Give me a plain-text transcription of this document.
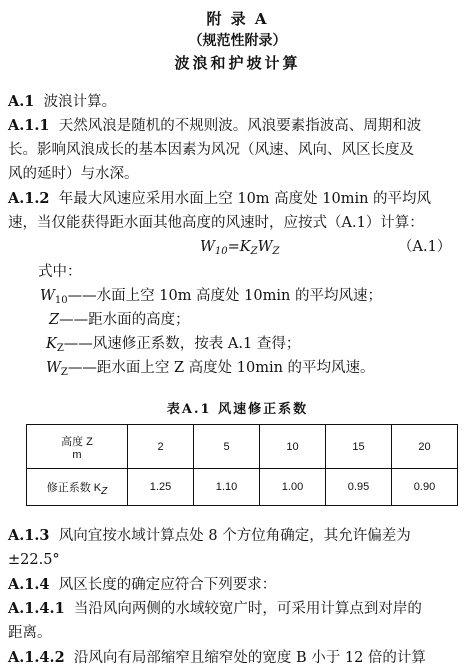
附 录 A
（规范性附录）
波浪和护坡计算
A.1 波浪计算。
A.1.1 天然风浪是随机的不规则波。风浪要素指波高、周期和波
长。影响风浪成长的基本因素为风况（风速、风向、风区长度及
风的延时）与水深。
A.1.2 年最大风速应采用水面上空 10m 高度处 10min 的平均风
速，当仅能获得距水面其他高度的风速时，应按式（A.1）计算：
$W_{10}=K_ZW_Z$	（A.1）
式中：
$W_{10}——$水面上空 10m 高度处 10min 的平均风速；
Z——距水面的高度；
$K_Z——$风速修正系数，按表 A.1 查得；
$W_Z——$距水面上空 Z 高度处 10min 的平均风速。
表A.1 风速修正系数
高度 Z
m	2	5	10	15	20
修正系数 $K_Z$	1.25	1.10	1.00	0.95	0.90
A.1.3 风向宜按水域计算点处 8 个方位角确定，其允许偏差为
±22.5°
A.1.4 风区长度的确定应符合下列要求：
A.1.4.1 当沿风向两侧的水域较宽广时，可采用计算点到对岸的
距离。
A.1.4.2 沿风向有局部缩窄且缩窄处的宽度 B 小于 12 倍的计算
